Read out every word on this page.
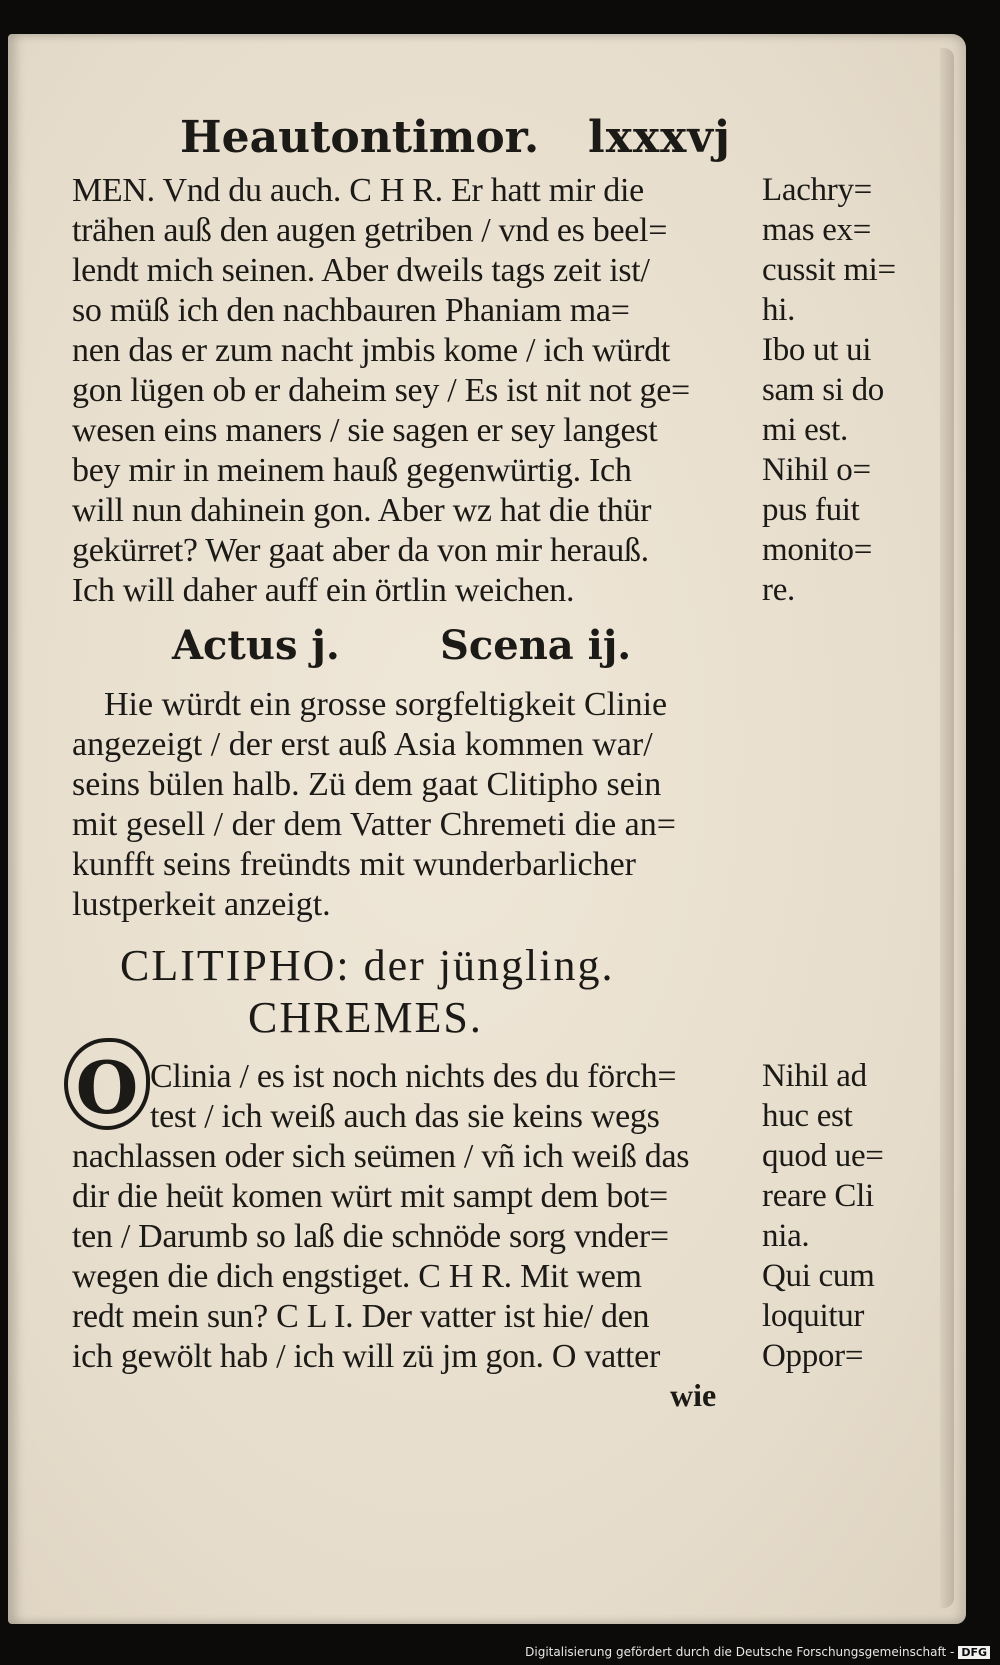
Heautontimor. lxxxvj
MEN. Vnd du auch. C H R. Er hatt mir die
trähen auß den augen getriben / vnd es beel=
lendt mich seinen. Aber dweils tags zeit ist/
so müß ich den nachbauren Phaniam ma=
nen das er zum nacht jmbis kome / ich würdt
gon lügen ob er daheim sey / Es ist nit not ge=
wesen eins maners / sie sagen er sey langest
bey mir in meinem hauß gegenwürtig. Ich
will nun dahinein gon. Aber wz hat die thür
gekürret? Wer gaat aber da von mir herauß.
Ich will daher auff ein örtlin weichen.
Lachry=
mas ex=
cussit mi=
hi.
Ibo ut ui
sam si do
mi est.
Nihil o=
pus fuit
monito=
re.
Actus j.	Scena ij.
Hie würdt ein grosse sorgfeltigkeit Clinie
angezeigt / der erst auß Asia kommen war/
seins bülen halb. Zü dem gaat Clitipho sein
mit gesell / der dem Vatter Chremeti die an=
kunfft seins freündts mit wunderbarlicher
lustperkeit anzeigt.
CLITIPHO: der jüngling.
CHREMES.
O Clinia / es ist noch nichts des du förch=
test / ich weiß auch das sie keins wegs
nachlassen oder sich seümen / vñ ich weiß das
dir die heüt komen würt mit sampt dem bot=
ten / Darumb so laß die schnöde sorg vnder=
wegen die dich engstiget. C H R. Mit wem
redt mein sun? C L I. Der vatter ist hie/ den
ich gewölt hab / ich will zü jm gon. O vatter
Nihil ad
huc est
quod ue=
reare Cli
nia.
Qui cum
loquitur
Oppor=
wie
Digitalisierung gefördert durch die Deutsche Forschungsgemeinschaft - DFG
